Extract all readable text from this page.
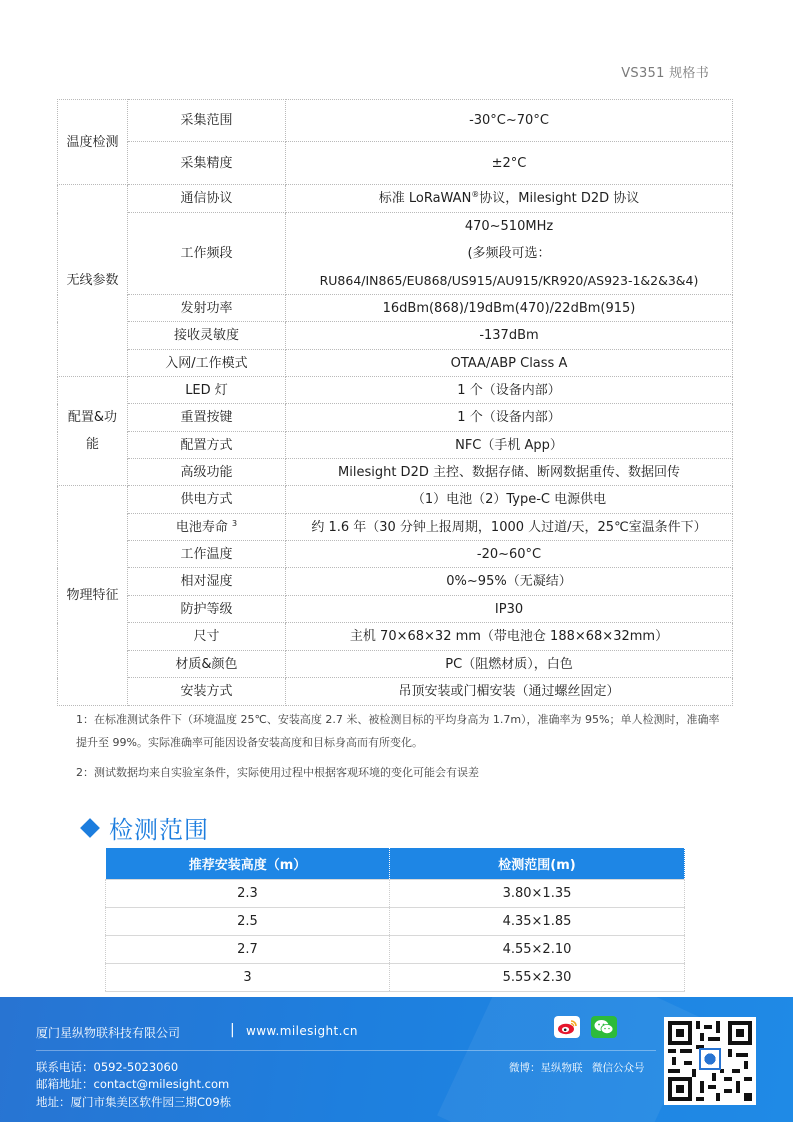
VS351 规格书
温度检测	采集范围	-30°C~70°C
	采集精度	±2°C
无线参数	通信协议	标准 LoRaWAN®协议，Milesight D2D 协议
	工作频段	470~510MHz
(多频段可选：
RU864/IN865/EU868/US915/AU915/KR920/AS923-1&2&3&4)

	发射功率	16dBm(868)/19dBm(470)/22dBm(915)
	接收灵敏度	-137dBm
	入网/工作模式	OTAA/ABP Class A

配置&功
能	LED 灯	1 个（设备内部）
	重置按键	1 个（设备内部）
	配置方式	NFC（手机 App）
	高级功能	Milesight D2D 主控、数据存储、断网数据重传、数据回传
物理特征	供电方式	（1）电池（2）Type-C 电源供电
	电池寿命 $^3$	约 1.6 年（30 分钟上报周期，1000 人过道/天，25℃室温条件下）
	工作温度	-20~60°C
	相对湿度	0%~95%（无凝结）
	防护等级	IP30
	尺寸	主机 70×68×32 mm（带电池仓 188×68×32mm）
	材质&颜色	PC（阻燃材质），白色
	安装方式	吊顶安装或门楣安装（通过螺丝固定）

1：在标准测试条件下（环境温度 25℃、安装高度 2.7 米、被检测目标的平均身高为 1.7m），准确率为 95%；单人检测时，准确率提升至 99%。实际准确率可能因设备安装高度和目标身高而有所变化。

2：测试数据均来自实验室条件，实际使用过程中根据客观环境的变化可能会有误差

检测范围
推荐安装高度（m）	检测范围(m)
2.3	3.80×1.35
2.5	4.35×1.85
2.7	4.55×2.10
3	5.55×2.30
厦门星纵物联科技有限公司	| www.milesight.cn
联系电话：0592-5023060
邮箱地址：contact@milesight.com
地址：厦门市集美区软件园三期C09栋
微博：星纵物联 微信公众号
